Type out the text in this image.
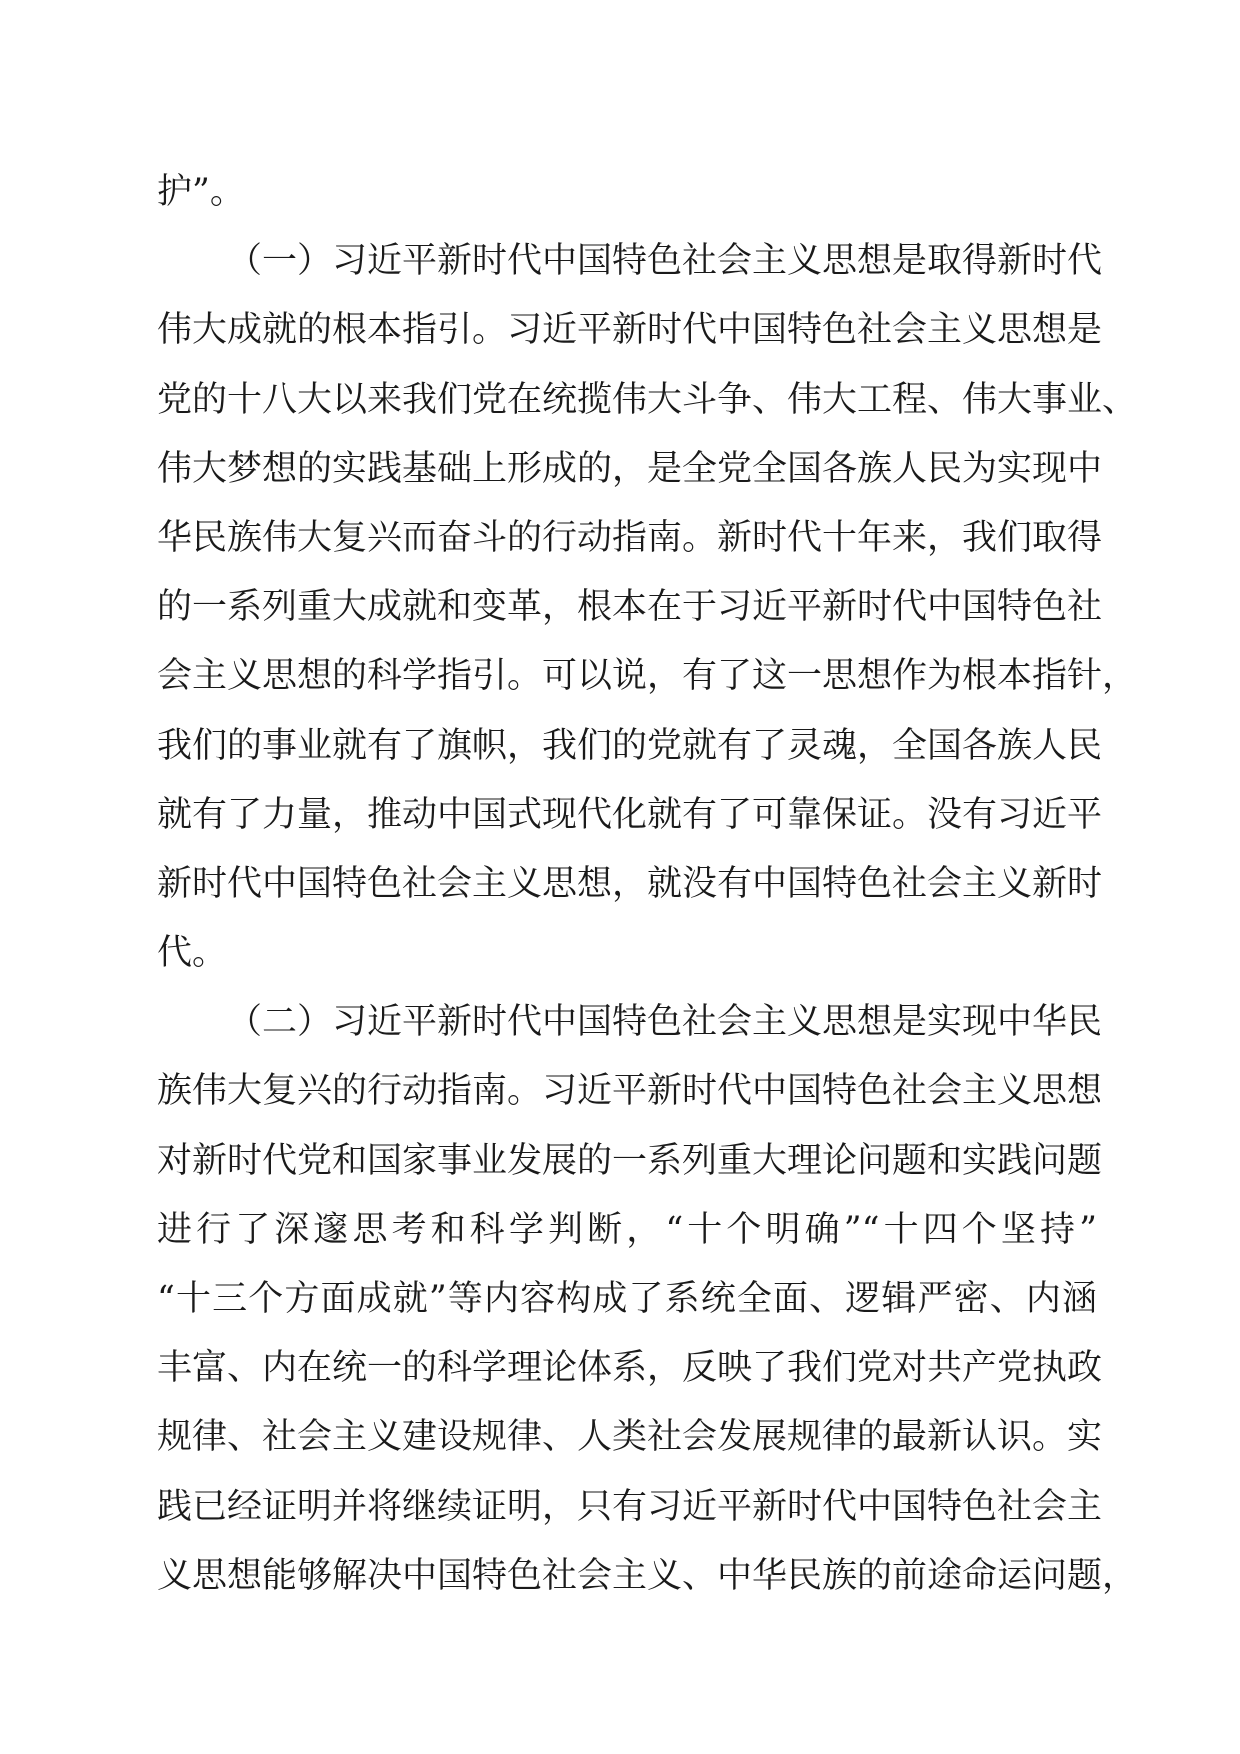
护”。
（一）习近平新时代中国特色社会主义思想是取得新时代
伟大成就的根本指引。习近平新时代中国特色社会主义思想是
党的十八大以来我们党在统揽伟大斗争、伟大工程、伟大事业、
伟大梦想的实践基础上形成的，是全党全国各族人民为实现中
华民族伟大复兴而奋斗的行动指南。新时代十年来，我们取得
的一系列重大成就和变革，根本在于习近平新时代中国特色社
会主义思想的科学指引。可以说，有了这一思想作为根本指针，
我们的事业就有了旗帜，我们的党就有了灵魂，全国各族人民
就有了力量，推动中国式现代化就有了可靠保证。没有习近平
新时代中国特色社会主义思想，就没有中国特色社会主义新时
代。
（二）习近平新时代中国特色社会主义思想是实现中华民
族伟大复兴的行动指南。习近平新时代中国特色社会主义思想
对新时代党和国家事业发展的一系列重大理论问题和实践问题
进行了深邃思考和科学判断，“十个明确”“十四个坚持”
“十三个方面成就”等内容构成了系统全面、逻辑严密、内涵
丰富、内在统一的科学理论体系，反映了我们党对共产党执政
规律、社会主义建设规律、人类社会发展规律的最新认识。实
践已经证明并将继续证明，只有习近平新时代中国特色社会主
义思想能够解决中国特色社会主义、中华民族的前途命运问题，
